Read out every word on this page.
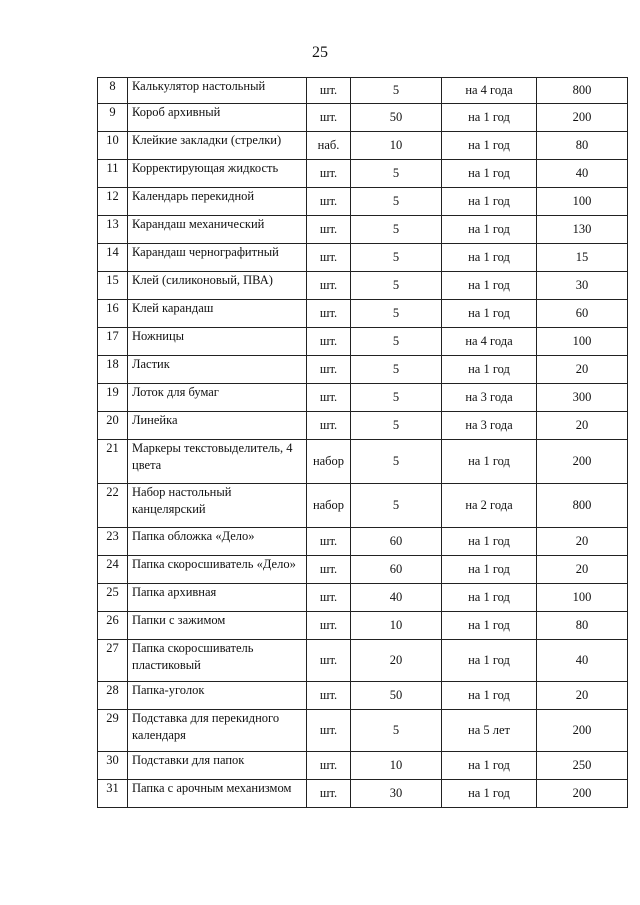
25
8	Калькулятор настольный	шт.	5	на 4 года	800
9	Короб архивный	шт.	50	на 1 год	200
10	Клейкие закладки (стрелки)	наб.	10	на 1 год	80
11	Корректирующая жидкость	шт.	5	на 1 год	40
12	Календарь перекидной	шт.	5	на 1 год	100
13	Карандаш механический	шт.	5	на 1 год	130
14	Карандаш чернографитный	шт.	5	на 1 год	15
15	Клей (силиконовый, ПВА)	шт.	5	на 1 год	30
16	Клей карандаш	шт.	5	на 1 год	60
17	Ножницы	шт.	5	на 4 года	100
18	Ластик	шт.	5	на 1 год	20
19	Лоток для бумаг	шт.	5	на 3 года	300
20	Линейка	шт.	5	на 3 года	20
21	Маркеры текстовыделитель, 4 цвета	набор	5	на 1 год	200
22	Набор настольный канцелярский	набор	5	на 2 года	800
23	Папка обложка «Дело»	шт.	60	на 1 год	20
24	Папка скоросшиватель «Дело»	шт.	60	на 1 год	20
25	Папка архивная	шт.	40	на 1 год	100
26	Папки с зажимом	шт.	10	на 1 год	80
27	Папка скоросшиватель пластиковый	шт.	20	на 1 год	40
28	Папка-уголок	шт.	50	на 1 год	20
29	Подставка для перекидного календаря	шт.	5	на 5 лет	200
30	Подставки для папок	шт.	10	на 1 год	250
31	Папка с арочным механизмом	шт.	30	на 1 год	200
